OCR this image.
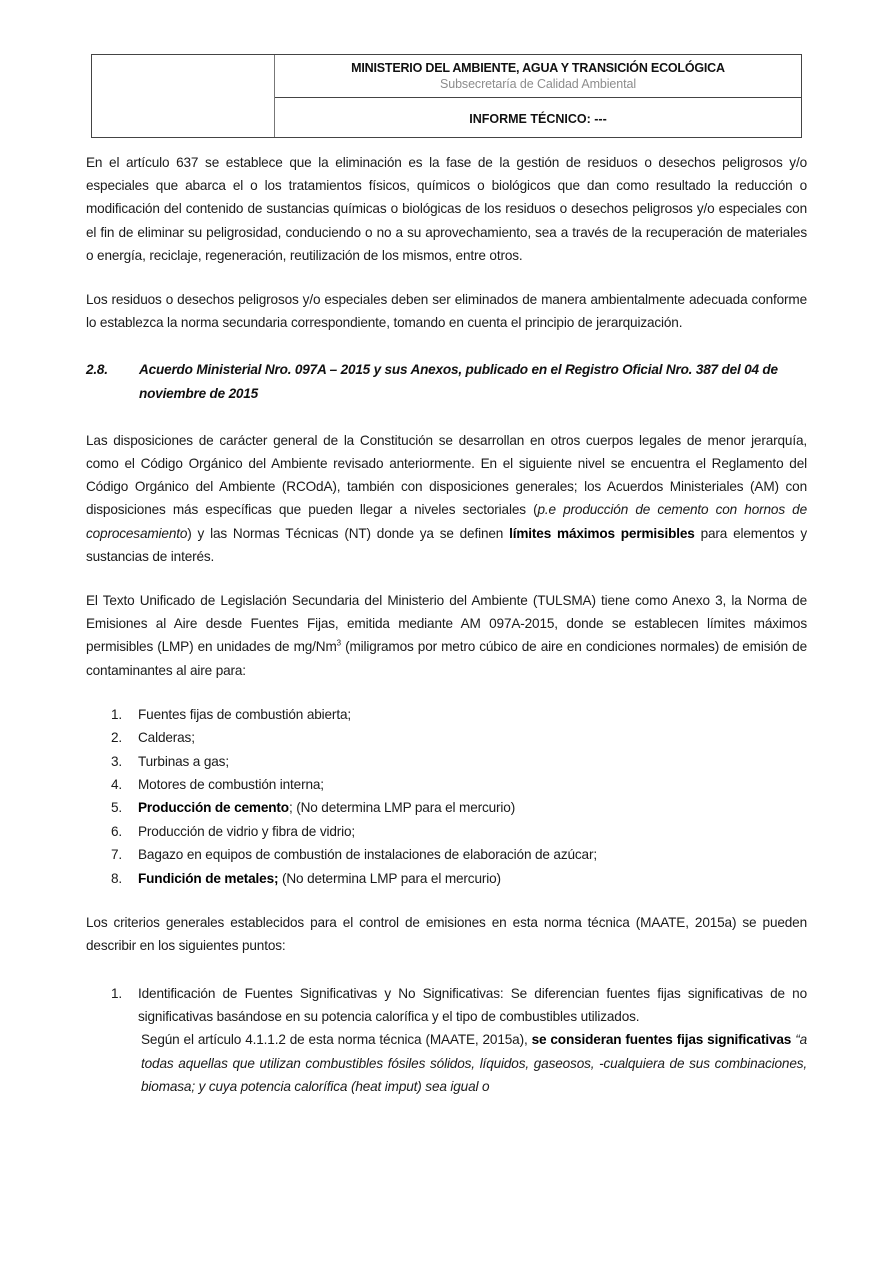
MINISTERIO DEL AMBIENTE, AGUA Y TRANSICIÓN ECOLÓGICA
Subsecretaría de Calidad Ambiental
INFORME TÉCNICO: ---

En el artículo 637 se establece que la eliminación es la fase de la gestión de residuos o desechos peligrosos y/o especiales que abarca el o los tratamientos físicos, químicos o biológicos que dan como resultado la reducción o modificación del contenido de sustancias químicas o biológicas de los residuos o desechos peligrosos y/o especiales con el fin de eliminar su peligrosidad, conduciendo o no a su aprovechamiento, sea a través de la recuperación de materiales o energía, reciclaje, regeneración, reutilización de los mismos, entre otros.

Los residuos o desechos peligrosos y/o especiales deben ser eliminados de manera ambientalmente adecuada conforme lo establezca la norma secundaria correspondiente, tomando en cuenta el principio de jerarquización.

2.8.	Acuerdo Ministerial Nro. 097A – 2015 y sus Anexos, publicado en el Registro Oficial Nro. 387 del 04 de noviembre de 2015

Las disposiciones de carácter general de la Constitución se desarrollan en otros cuerpos legales de menor jerarquía, como el Código Orgánico del Ambiente revisado anteriormente. En el siguiente nivel se encuentra el Reglamento del Código Orgánico del Ambiente (RCOdA), también con disposiciones generales; los Acuerdos Ministeriales (AM) con disposiciones más específicas que pueden llegar a niveles sectoriales (p.e producción de cemento con hornos de coprocesamiento) y las Normas Técnicas (NT) donde ya se definen límites máximos permisibles para elementos y sustancias de interés.

El Texto Unificado de Legislación Secundaria del Ministerio del Ambiente (TULSMA) tiene como Anexo 3, la Norma de Emisiones al Aire desde Fuentes Fijas, emitida mediante AM 097A-2015, donde se establecen límites máximos permisibles (LMP) en unidades de mg/Nm$^3$ (miligramos por metro cúbico de aire en condiciones normales) de emisión de contaminantes al aire para:

1.	Fuentes fijas de combustión abierta;
2.	Calderas;
3.	Turbinas a gas;
4.	Motores de combustión interna;
5.	Producción de cemento; (No determina LMP para el mercurio)
6.	Producción de vidrio y fibra de vidrio;
7.	Bagazo en equipos de combustión de instalaciones de elaboración de azúcar;
8.	Fundición de metales; (No determina LMP para el mercurio)

Los criterios generales establecidos para el control de emisiones en esta norma técnica (MAATE, 2015a) se pueden describir en los siguientes puntos:

1.	Identificación de Fuentes Significativas y No Significativas: Se diferencian fuentes fijas significativas de no significativas basándose en su potencia calorífica y el tipo de combustibles utilizados.
Según el artículo 4.1.1.2 de esta norma técnica (MAATE, 2015a), se consideran fuentes fijas significativas “a todas aquellas que utilizan combustibles fósiles sólidos, líquidos, gaseosos, -cualquiera de sus combinaciones, biomasa; y cuya potencia calorífica (heat imput) sea igual o
